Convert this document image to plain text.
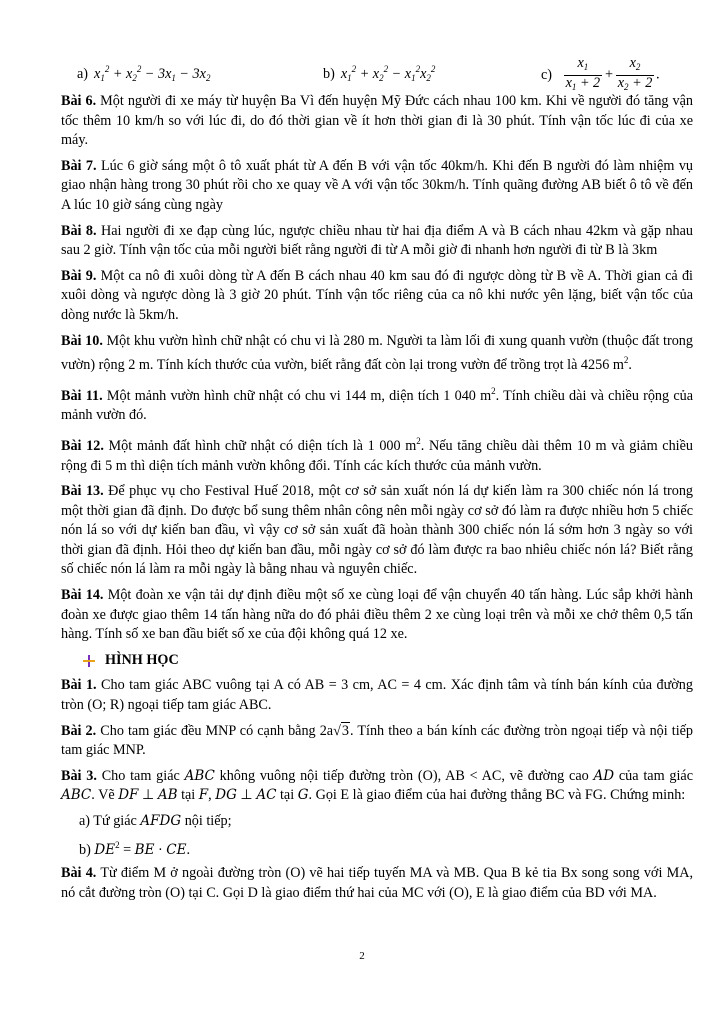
a) $x_1^2 + x_2^2 - 3x_1 - 3x_2$	b) $x_1^2 + x_2^2 - x_1^2x_2^2$	$c) \frac{x_1}{x_1 + 2} + \frac{x_2}{x_2 + 2}$ .

Bài 6. Một người đi xe máy từ huyện Ba Vì đến huyện Mỹ Đức cách nhau 100 km. Khi về người đó tăng vận tốc thêm 10 km/h so với lúc đi, do đó thời gian về ít hơn thời gian đi là 30 phút. Tính vận tốc lúc đi của xe máy.

Bài 7. Lúc 6 giờ sáng một ô tô xuất phát từ A đến B với vận tốc 40km/h. Khi đến B người đó làm nhiệm vụ giao nhận hàng trong 30 phút rồi cho xe quay về A với vận tốc 30km/h. Tính quãng đường AB biết ô tô về đến A lúc 10 giờ sáng cùng ngày

Bài 8. Hai người đi xe đạp cùng lúc, ngược chiều nhau từ hai địa điểm A và B cách nhau 42km và gặp nhau sau 2 giờ. Tính vận tốc của mỗi người biết rằng người đi từ A mỗi giờ đi nhanh hơn người đi từ B là 3km

Bài 9. Một ca nô đi xuôi dòng từ A đến B cách nhau 40 km sau đó đi ngược dòng từ B về A. Thời gian cả đi xuôi dòng và ngược dòng là 3 giờ 20 phút. Tính vận tốc riêng của ca nô khi nước yên lặng, biết vận tốc của dòng nước là 5km/h.

Bài 10. Một khu vườn hình chữ nhật có chu vi là 280 m. Người ta làm lối đi xung quanh vườn (thuộc đất trong vườn) rộng 2 m. Tính kích thước của vườn, biết rằng đất còn lại trong vườn để trồng trọt là 4256 $m^2$.

Bài 11. Một mảnh vườn hình chữ nhật có chu vi 144 m, diện tích 1 040 $m^2$. Tính chiều dài và chiều rộng của mảnh vườn đó.

Bài 12. Một mảnh đất hình chữ nhật có diện tích là 1 000 $m^2$. Nếu tăng chiều dài thêm 10 m và giảm chiều rộng đi 5 m thì diện tích mảnh vườn không đổi. Tính các kích thước của mảnh vườn.

Bài 13. Để phục vụ cho Festival Huế 2018, một cơ sở sản xuất nón lá dự kiến làm ra 300 chiếc nón lá trong một thời gian đã định. Do được bổ sung thêm nhân công nên mỗi ngày cơ sở đó làm ra được nhiều hơn 5 chiếc nón lá so với dự kiến ban đầu, vì vậy cơ sở sản xuất đã hoàn thành 300 chiếc nón lá sớm hơn 3 ngày so với thời gian đã định. Hỏi theo dự kiến ban đầu, mỗi ngày cơ sở đó làm được ra bao nhiêu chiếc nón lá? Biết rằng số chiếc nón lá làm ra mỗi ngày là bằng nhau và nguyên chiếc.

Bài 14. Một đoàn xe vận tải dự định điều một số xe cùng loại để vận chuyển 40 tấn hàng. Lúc sắp khởi hành đoàn xe được giao thêm 14 tấn hàng nữa do đó phải điều thêm 2 xe cùng loại trên và mỗi xe chở thêm 0,5 tấn hàng. Tính số xe ban đầu biết số xe của đội không quá 12 xe.

HÌNH HỌC

Bài 1. Cho tam giác ABC vuông tại A có AB = 3 cm, AC = 4 cm. Xác định tâm và tính bán kính của đường tròn (O; R) ngoại tiếp tam giác ABC.

Bài 2. Cho tam giác đều MNP có cạnh bằng 2a√3. Tính theo a bán kính các đường tròn ngoại tiếp và nội tiếp tam giác MNP.

Bài 3. Cho tam giác ABC không vuông nội tiếp đường tròn (O), AB < AC, vẽ đường cao AD của tam giác ABC. Vẽ DF ⊥ AB tại F, DG ⊥ AC tại G. Gọi E là giao điểm của hai đường thẳng BC và FG. Chứng minh:

a) Tứ giác AFDG nội tiếp;
b) $DE^2$ = BE · CE.

Bài 4. Từ điểm M ở ngoài đường tròn (O) vẽ hai tiếp tuyến MA và MB. Qua B kẻ tia Bx song song với MA, nó cắt đường tròn (O) tại C. Gọi D là giao điểm thứ hai của MC với (O), E là giao điểm của BD với MA.

2
